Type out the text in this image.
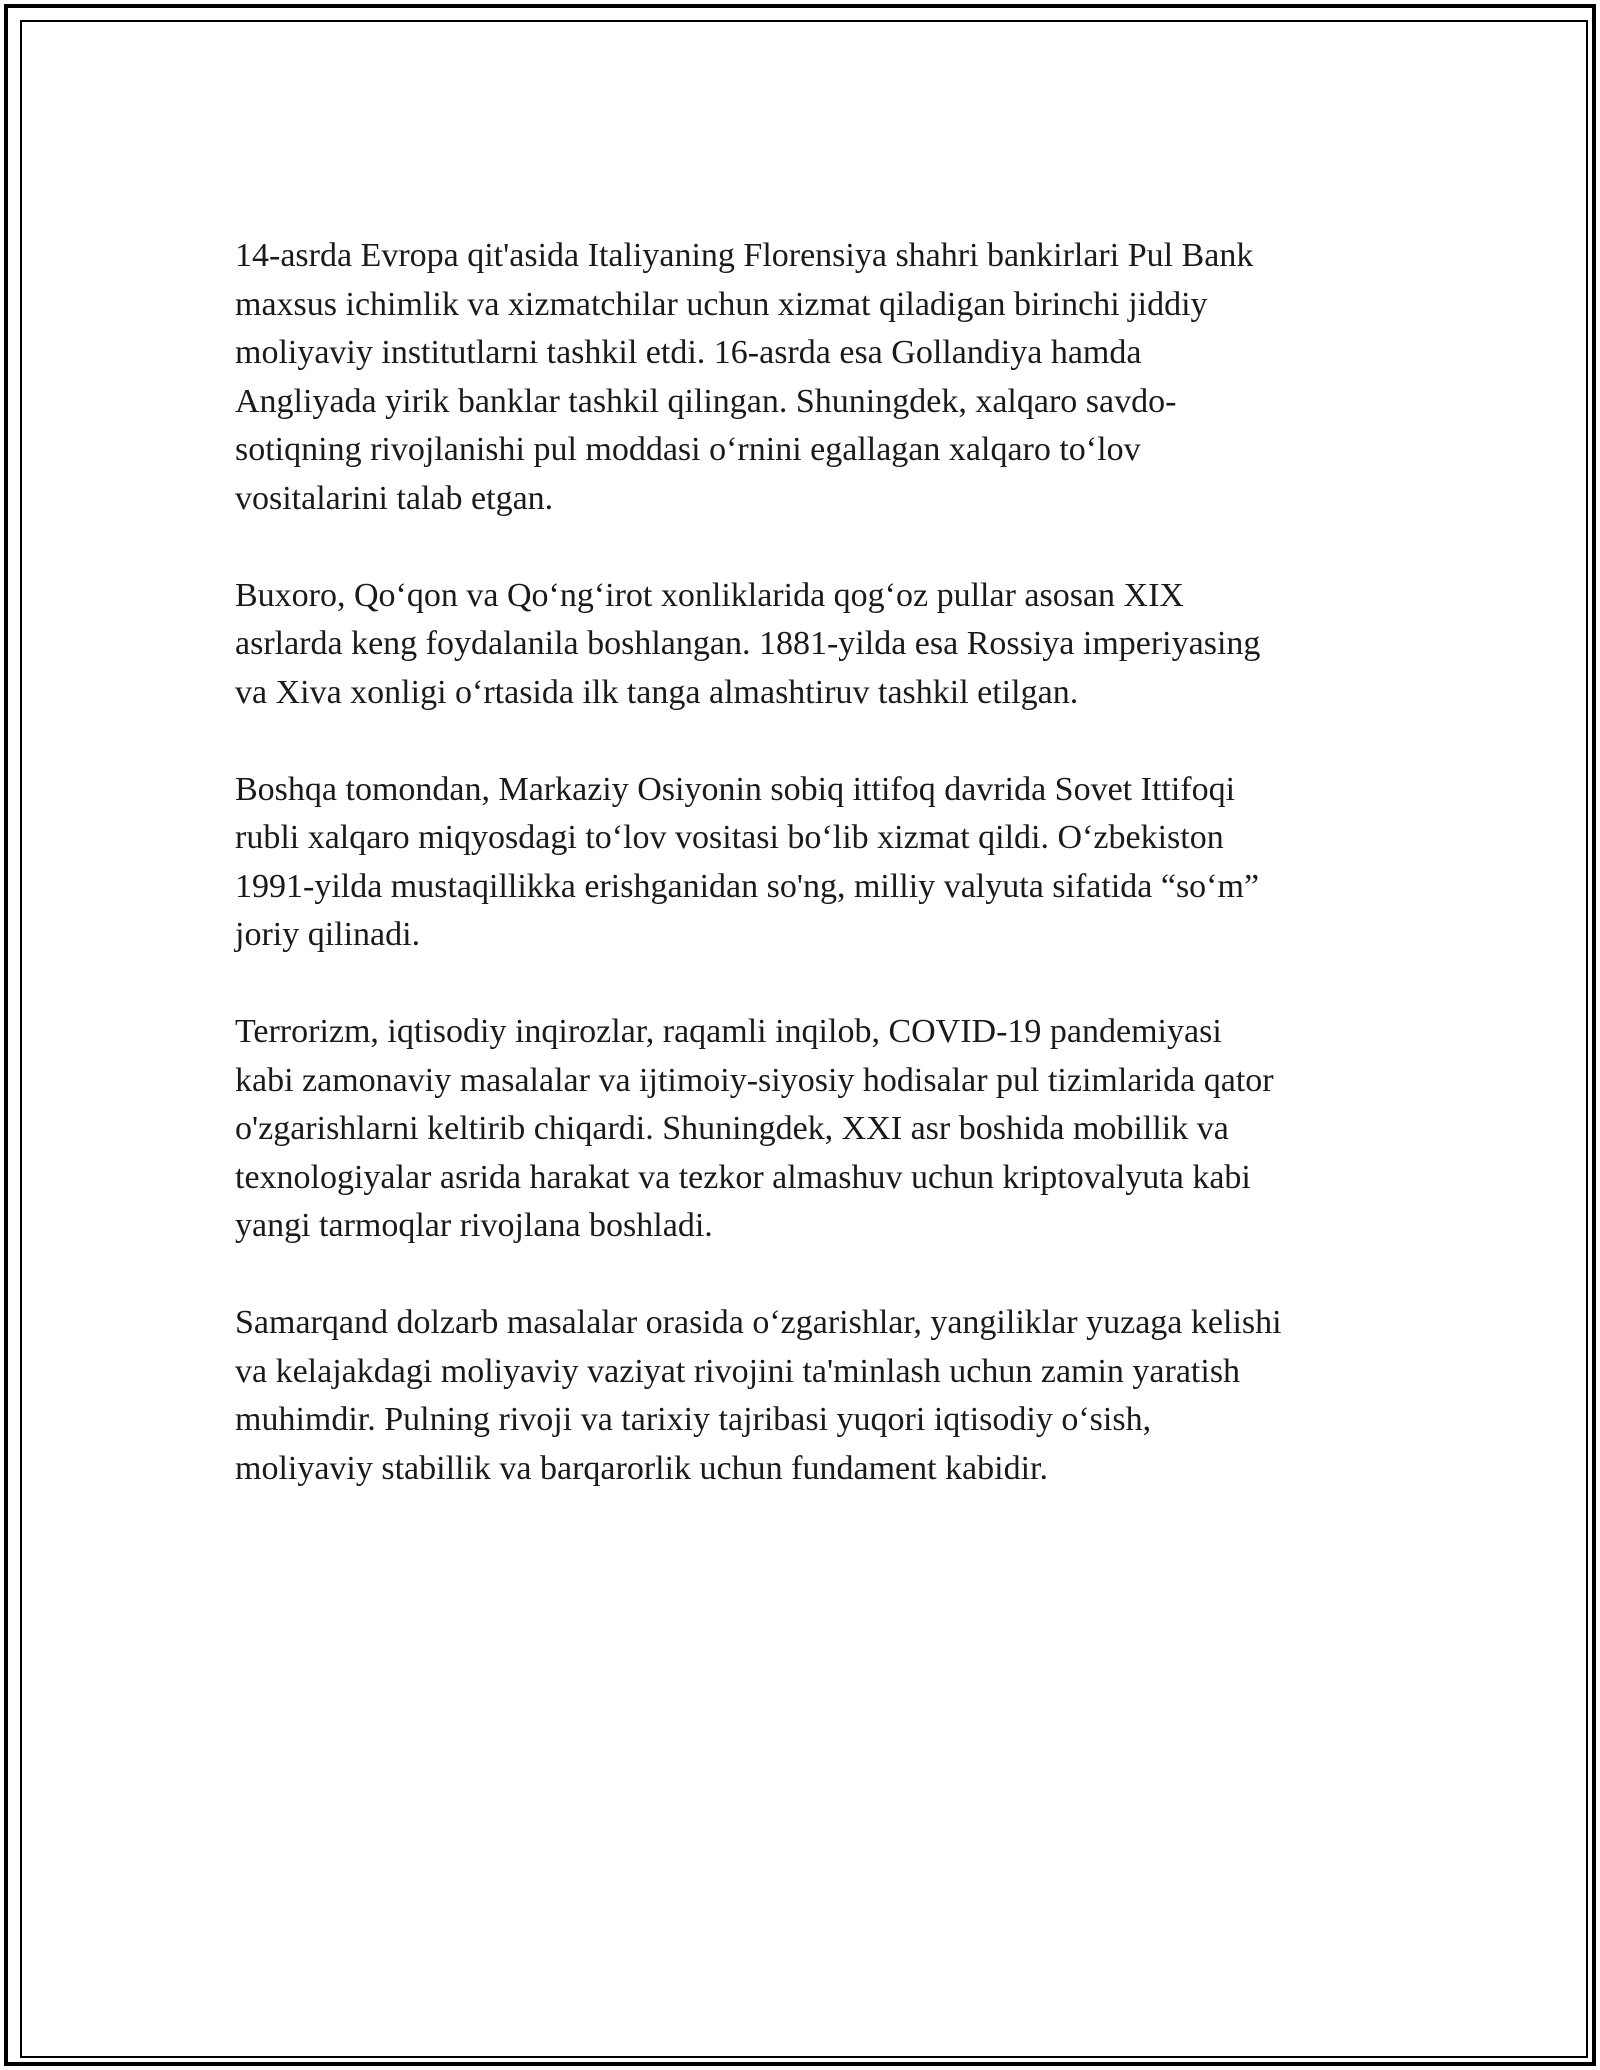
14-asrda Evropa qit'asida Italiyaning Florensiya shahri bankirlari Pul Bank
maxsus ichimlik va xizmatchilar uchun xizmat qiladigan birinchi jiddiy
moliyaviy institutlarni tashkil etdi. 16-asrda esa Gollandiya hamda
Angliyada yirik banklar tashkil qilingan. Shuningdek, xalqaro savdo-
sotiqning rivojlanishi pul moddasi o‘rnini egallagan xalqaro to‘lov
vositalarini talab etgan.

Buxoro, Qo‘qon va Qo‘ng‘irot xonliklarida qog‘oz pullar asosan XIX
asrlarda keng foydalanila boshlangan. 1881-yilda esa Rossiya imperiyasing
va Xiva xonligi o‘rtasida ilk tanga almashtiruv tashkil etilgan.

Boshqa tomondan, Markaziy Osiyonin sobiq ittifoq davrida Sovet Ittifoqi
rubli xalqaro miqyosdagi to‘lov vositasi bo‘lib xizmat qildi. O‘zbekiston
1991-yilda mustaqillikka erishganidan so'ng, milliy valyuta sifatida “so‘m”
joriy qilinadi.

Terrorizm, iqtisodiy inqirozlar, raqamli inqilob, COVID-19 pandemiyasi
kabi zamonaviy masalalar va ijtimoiy-siyosiy hodisalar pul tizimlarida qator
o'zgarishlarni keltirib chiqardi. Shuningdek, XXI asr boshida mobillik va
texnologiyalar asrida harakat va tezkor almashuv uchun kriptovalyuta kabi
yangi tarmoqlar rivojlana boshladi.

Samarqand dolzarb masalalar orasida o‘zgarishlar, yangiliklar yuzaga kelishi
va kelajakdagi moliyaviy vaziyat rivojini ta'minlash uchun zamin yaratish
muhimdir. Pulning rivoji va tarixiy tajribasi yuqori iqtisodiy o‘sish,
moliyaviy stabillik va barqarorlik uchun fundament kabidir.
